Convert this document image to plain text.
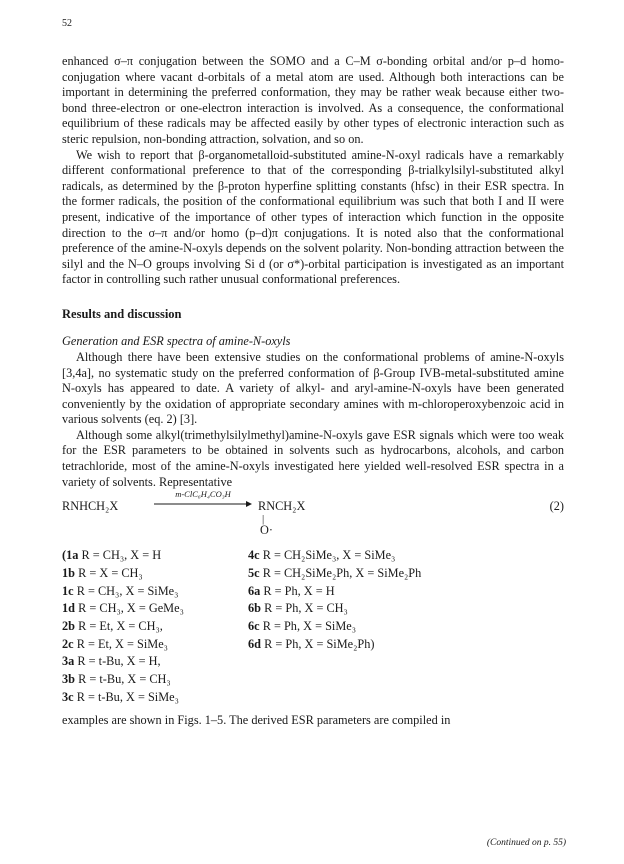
52

enhanced σ–π conjugation between the SOMO and a C–M σ-bonding orbital and/or p–d homo-conjugation where vacant d-orbitals of a metal atom are used. Although both interactions can be important in determining the preferred conformation, they may be rather weak because either two-bond three-electron or one-electron interaction is involved. As a consequence, the conformational equilibrium of these radicals may be affected easily by other types of electronic interaction such as steric repulsion, non-bonding attraction, solvation, and so on.

We wish to report that β-organometalloid-substituted amine-N-oxyl radicals have a remarkably different conformational preference to that of the corresponding β-trialkylsilyl-substituted alkyl radicals, as determined by the β-proton hyperfine splitting constants (hfsc) in their ESR spectra. In the former radicals, the position of the conformational equilibrium was such that both I and II were present, indicative of the importance of other types of interaction which function in the opposite direction to the σ–π and/or homo (p–d)π conjugations. It is noted also that the conformational preference of the amine-N-oxyls depends on the solvent polarity. Non-bonding attraction between the silyl and the N–O groups involving Si d (or σ*)-orbital participation is investigated as an important factor in controlling such rather unusual conformational preferences.

Results and discussion
Generation and ESR spectra of amine-N-oxyls

Although there have been extensive studies on the conformational problems of amine-N-oxyls [3,4a], no systematic study on the preferred conformation of β-Group IVB-metal-substituted amine N-oxyls has appeared to date. A variety of alkyl- and aryl-amine-N-oxyls have been generated conveniently by the oxidation of appropriate secondary amines with m-chloroperoxybenzoic acid in various solvents (eq. 2) [3].

Although some alkyl(trimethylsilylmethyl)amine-N-oxyls gave ESR signals which were too weak for the ESR parameters to be obtained in solvents such as hydrocarbons, alcohols, and carbon tetrachloride, most of the amine-N-oxyls investigated here yielded well-resolved ESR spectra in a variety of solvents. Representative

RNHCH₂X
m-ClC₆H₄CO₃H
RNCH₂X
|
O·
(2)
(1a R = CH₃, X = H
1b R = X = CH₃
1c R = CH₃, X = SiMe₃
1d R = CH₃, X = GeMe₃
2b R = Et, X = CH₃,
2c R = Et, X = SiMe₃
3a R = t-Bu, X = H,
3b R = t-Bu, X = CH₃
3c R = t-Bu, X = SiMe₃
4c R = CH₂SiMe₃, X = SiMe₃
5c R = CH₂SiMe₂Ph, X = SiMe₂Ph
6a R = Ph, X = H
6b R = Ph, X = CH₃
6c R = Ph, X = SiMe₃
6d R = Ph, X = SiMe₂Ph)

examples are shown in Figs. 1–5. The derived ESR parameters are compiled in

(Continued on p. 55)
